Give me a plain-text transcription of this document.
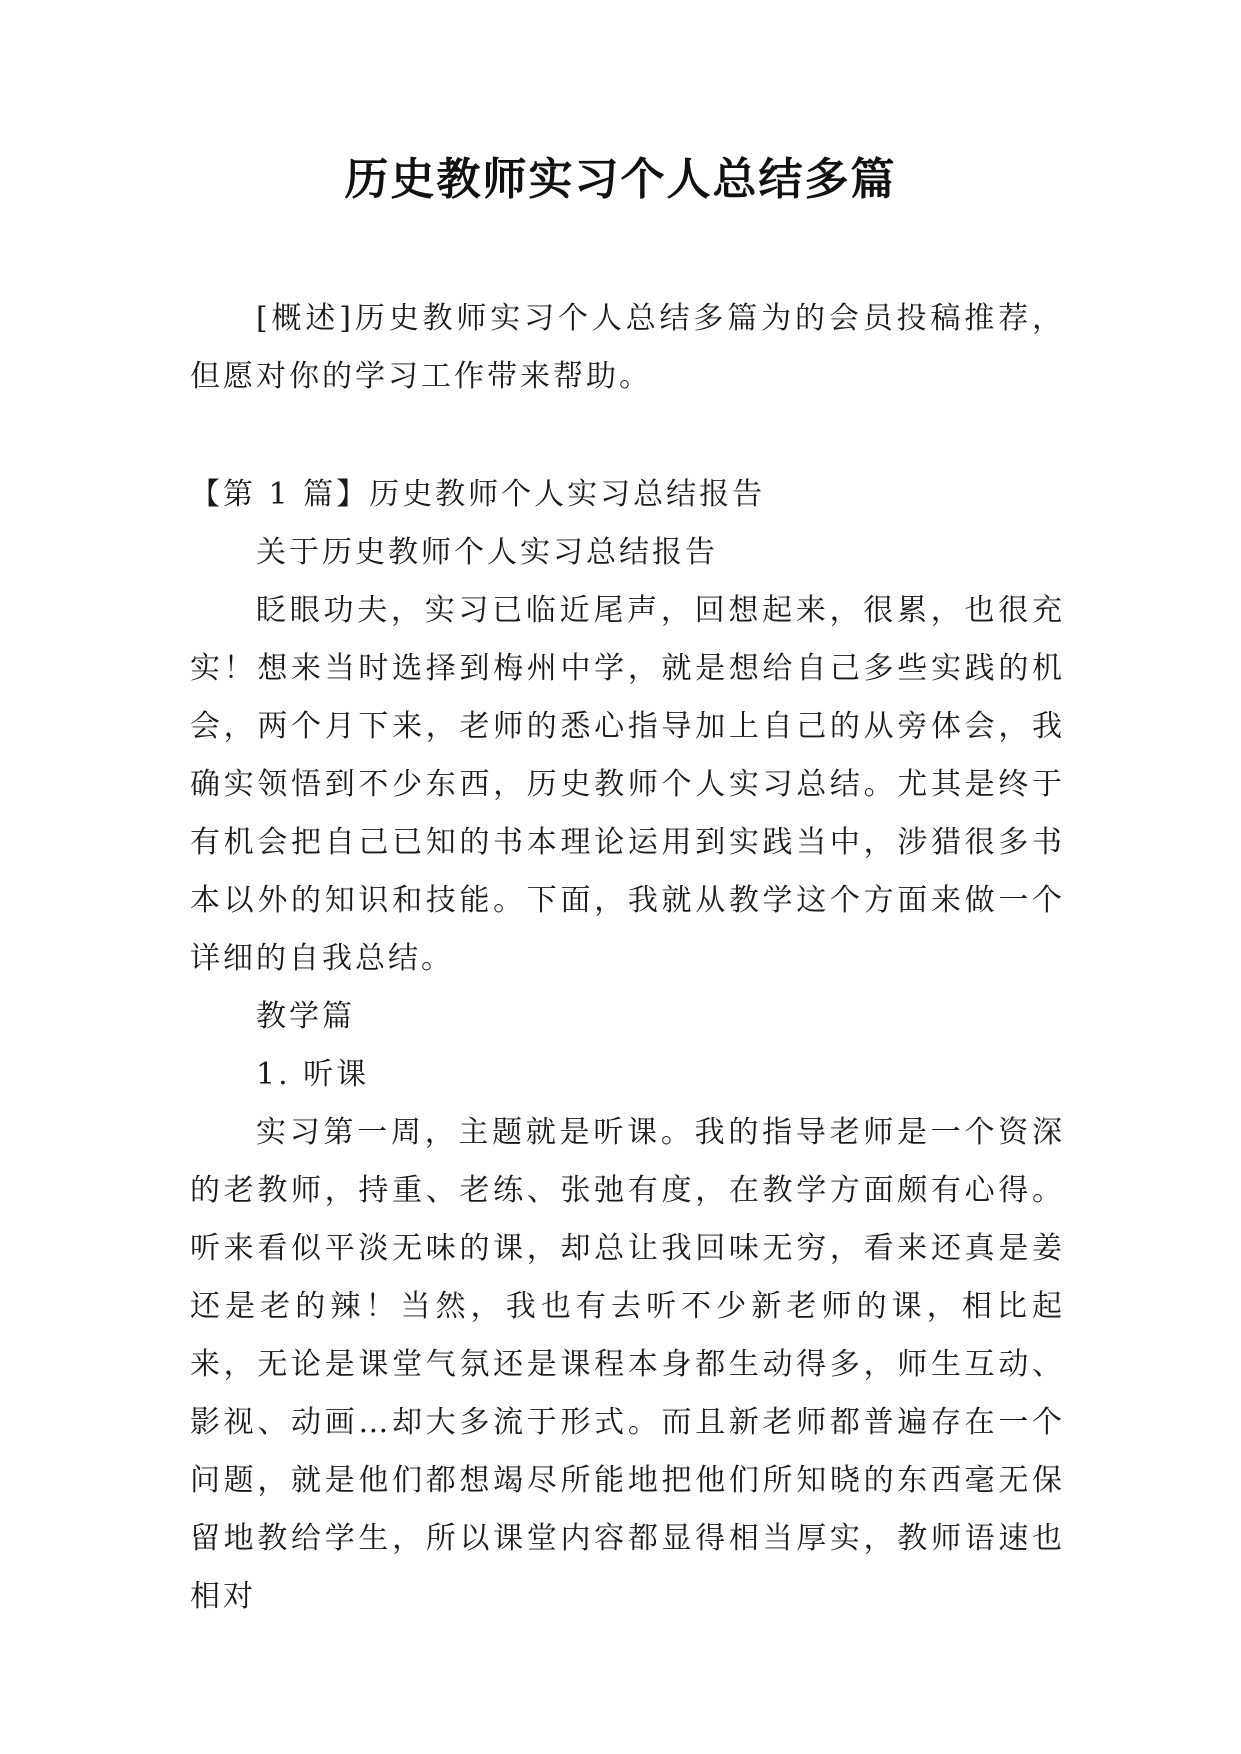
历史教师实习个人总结多篇

[概述]历史教师实习个人总结多篇为的会员投稿推荐，但愿对你的学习工作带来帮助。

【第 1 篇】历史教师个人实习总结报告

关于历史教师个人实习总结报告

眨眼功夫，实习已临近尾声，回想起来，很累，也很充实！想来当时选择到梅州中学，就是想给自己多些实践的机会，两个月下来，老师的悉心指导加上自己的从旁体会，我确实领悟到不少东西，历史教师个人实习总结。尤其是终于有机会把自己已知的书本理论运用到实践当中，涉猎很多书本以外的知识和技能。下面，我就从教学这个方面来做一个详细的自我总结。

教学篇

1. 听课

实习第一周，主题就是听课。我的指导老师是一个资深的老教师，持重、老练、张弛有度，在教学方面颇有心得。听来看似平淡无味的课，却总让我回味无穷，看来还真是姜还是老的辣！当然，我也有去听不少新老师的课，相比起来，无论是课堂气氛还是课程本身都生动得多，师生互动、影视、动画…却大多流于形式。而且新老师都普遍存在一个问题，就是他们都想竭尽所能地把他们所知晓的东西毫无保留地教给学生，所以课堂内容都显得相当厚实，教师语速也相对
